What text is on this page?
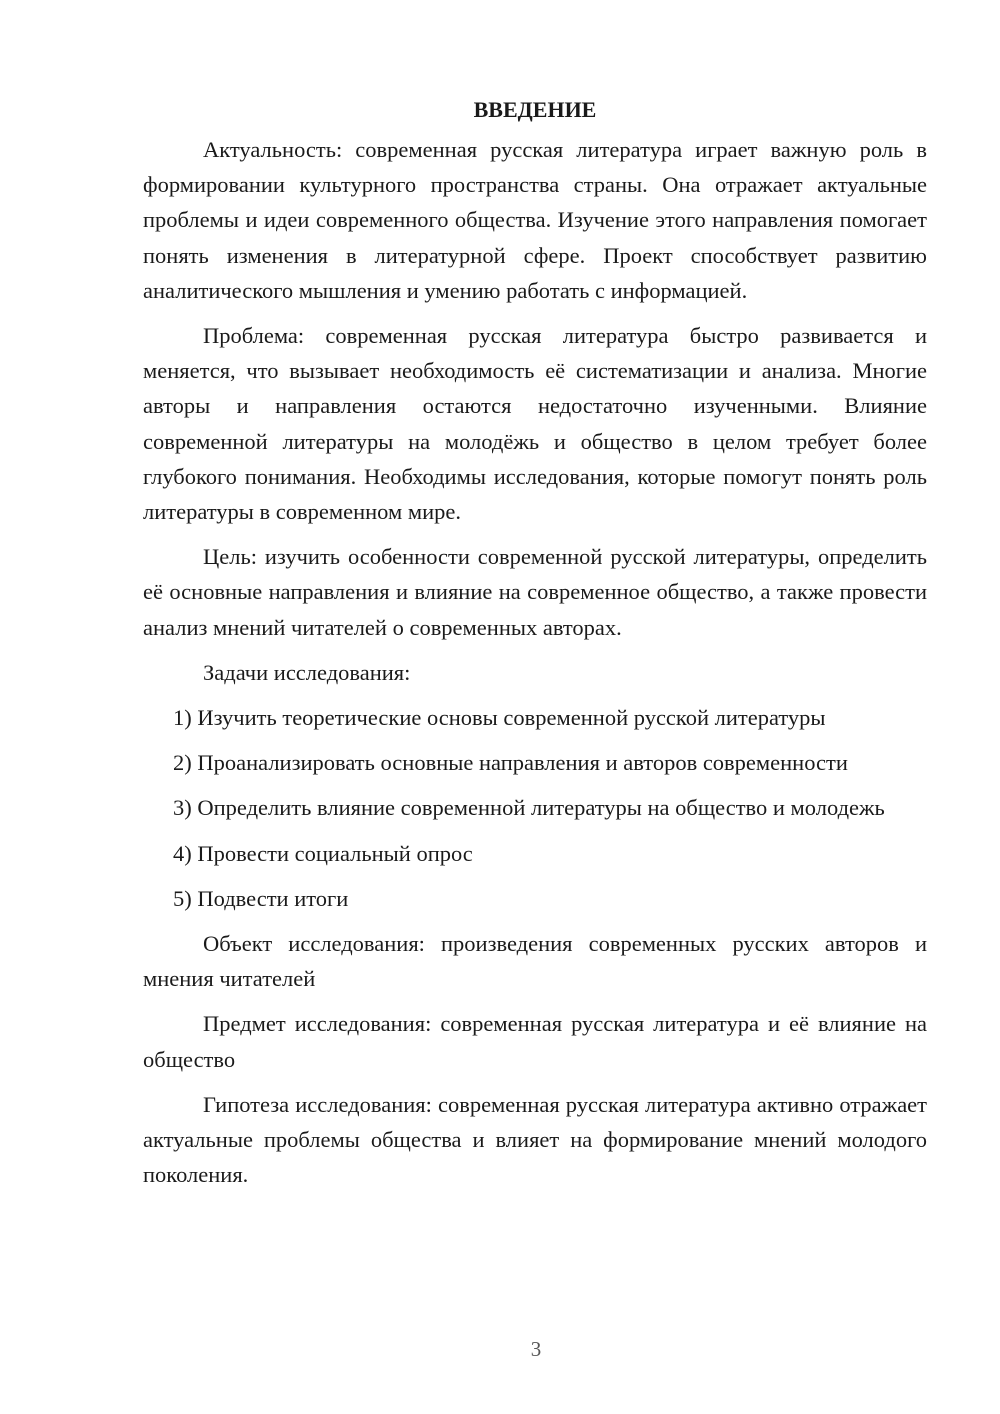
ВВЕДЕНИЕ

Актуальность: современная русская литература играет важную роль в формировании культурного пространства страны. Она отражает актуальные проблемы и идеи современного общества. Изучение этого направления помогает понять изменения в литературной сфере. Проект способствует развитию аналитического мышления и умению работать с информацией.

Проблема: современная русская литература быстро развивается и меняется, что вызывает необходимость её систематизации и анализа. Многие авторы и направления остаются недостаточно изученными. Влияние современной литературы на молодёжь и общество в целом требует более глубокого понимания. Необходимы исследования, которые помогут понять роль литературы в современном мире.

Цель: изучить особенности современной русской литературы, определить её основные направления и влияние на современное общество, а также провести анализ мнений читателей о современных авторах.

Задачи исследования:

1) Изучить теоретические основы современной русской литературы

2) Проанализировать основные направления и авторов современности

3) Определить влияние современной литературы на общество и молодежь

4) Провести социальный опрос

5) Подвести итоги

Объект исследования: произведения современных русских авторов и мнения читателей

Предмет исследования: современная русская литература и её влияние на общество

Гипотеза исследования: современная русская литература активно отражает актуальные проблемы общества и влияет на формирование мнений молодого поколения.

3
